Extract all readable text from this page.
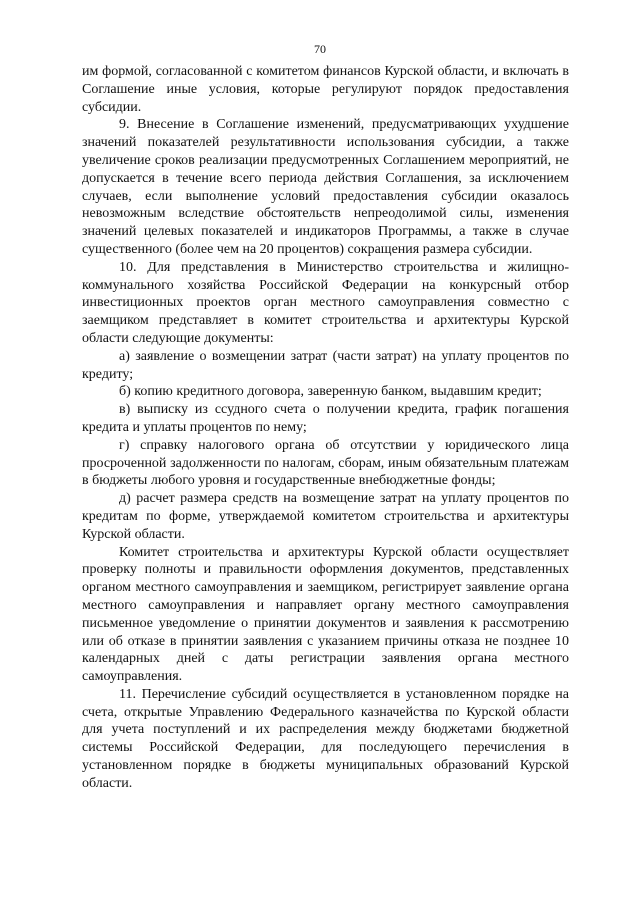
70

им формой, согласованной с комитетом финансов Курской области, и включать в Соглашение иные условия, которые регулируют порядок предоставления субсидии.

9. Внесение в Соглашение изменений, предусматривающих ухудшение значений показателей результативности использования субсидии, а также увеличение сроков реализации предусмотренных Соглашением мероприятий, не допускается в течение всего периода действия Соглашения, за исключением случаев, если выполнение условий предоставления субсидии оказалось невозможным вследствие обстоятельств непреодолимой силы, изменения значений целевых показателей и индикаторов Программы, а также в случае существенного (более чем на 20 процентов) сокращения размера субсидии.

10. Для представления в Министерство строительства и жилищно-коммунального хозяйства Российской Федерации на конкурсный отбор инвестиционных проектов орган местного самоуправления совместно с заемщиком представляет в комитет строительства и архитектуры Курской области следующие документы:

а) заявление о возмещении затрат (части затрат) на уплату процентов по кредиту;

б) копию кредитного договора, заверенную банком, выдавшим кредит;

в) выписку из ссудного счета о получении кредита, график погашения кредита и уплаты процентов по нему;

г) справку налогового органа об отсутствии у юридического лица просроченной задолженности по налогам, сборам, иным обязательным платежам в бюджеты любого уровня и государственные внебюджетные фонды;

д) расчет размера средств на возмещение затрат на уплату процентов по кредитам по форме, утверждаемой комитетом строительства и архитектуры Курской области.

Комитет строительства и архитектуры Курской области осуществляет проверку полноты и правильности оформления документов, представленных органом местного самоуправления и заемщиком, регистрирует заявление органа местного самоуправления и направляет органу местного самоуправления письменное уведомление о принятии документов и заявления к рассмотрению или об отказе в принятии заявления с указанием причины отказа не позднее 10 календарных дней с даты регистрации заявления органа местного самоуправления.

11. Перечисление субсидий осуществляется в установленном порядке на счета, открытые Управлению Федерального казначейства по Курской области для учета поступлений и их распределения между бюджетами бюджетной системы Российской Федерации, для последующего перечисления в установленном порядке в бюджеты муниципальных образований Курской области.
